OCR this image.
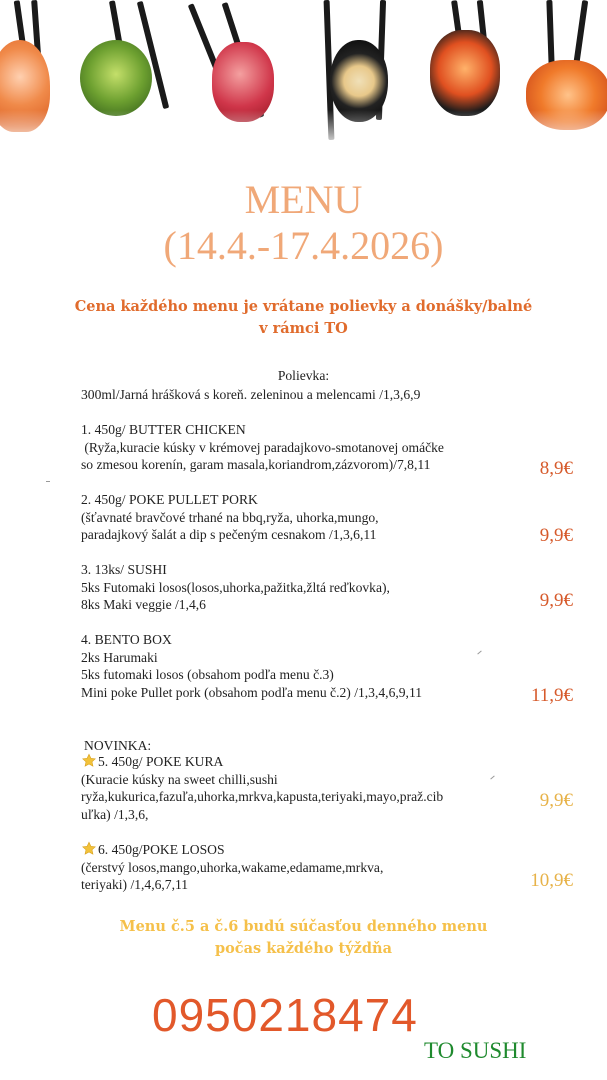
MENU
(14.4.-17.4.2026)
Cena každého menu je vrátane polievky a donášky/balné
v rámci TO
Polievka:
300ml/Jarná hrášková s koreň. zeleninou a melencami /1,3,6,9
1. 450g/ BUTTER CHICKEN
(Ryža,kuracie kúsky v krémovej paradajkovo-smotanovej omáčke
so zmesou korenín, garam masala,koriandrom,zázvorom)/7,8,11	8,9€
2. 450g/ POKE PULLET PORK
(šťavnaté bravčové trhané na bbq,ryža, uhorka,mungo,
paradajkový šalát a dip s pečeným cesnakom /1,3,6,11	9,9€
3. 13ks/ SUSHI
5ks Futomaki losos(losos,uhorka,pažitka,žltá reďkovka),
8ks Maki veggie /1,4,6	9,9€
4. BENTO BOX
2ks Harumaki
5ks futomaki losos (obsahom podľa menu č.3)
Mini poke Pullet pork (obsahom podľa menu č.2) /1,3,4,6,9,11	11,9€
NOVINKA:
5. 450g/ POKE KURA
(Kuracie kúsky na sweet chilli,sushi
ryža,kukurica,fazuľa,uhorka,mrkva,kapusta,teriyaki,mayo,praž.cib
uľka) /1,3,6,
9,9€
6. 450g/POKE LOSOS
(čerstvý losos,mango,uhorka,wakame,edamame,mrkva,
teriyaki) /1,4,6,7,11	10,9€
Menu č.5 a č.6 budú súčasťou denného menu
počas každého týždňa
0950218474
TO SUSHI
